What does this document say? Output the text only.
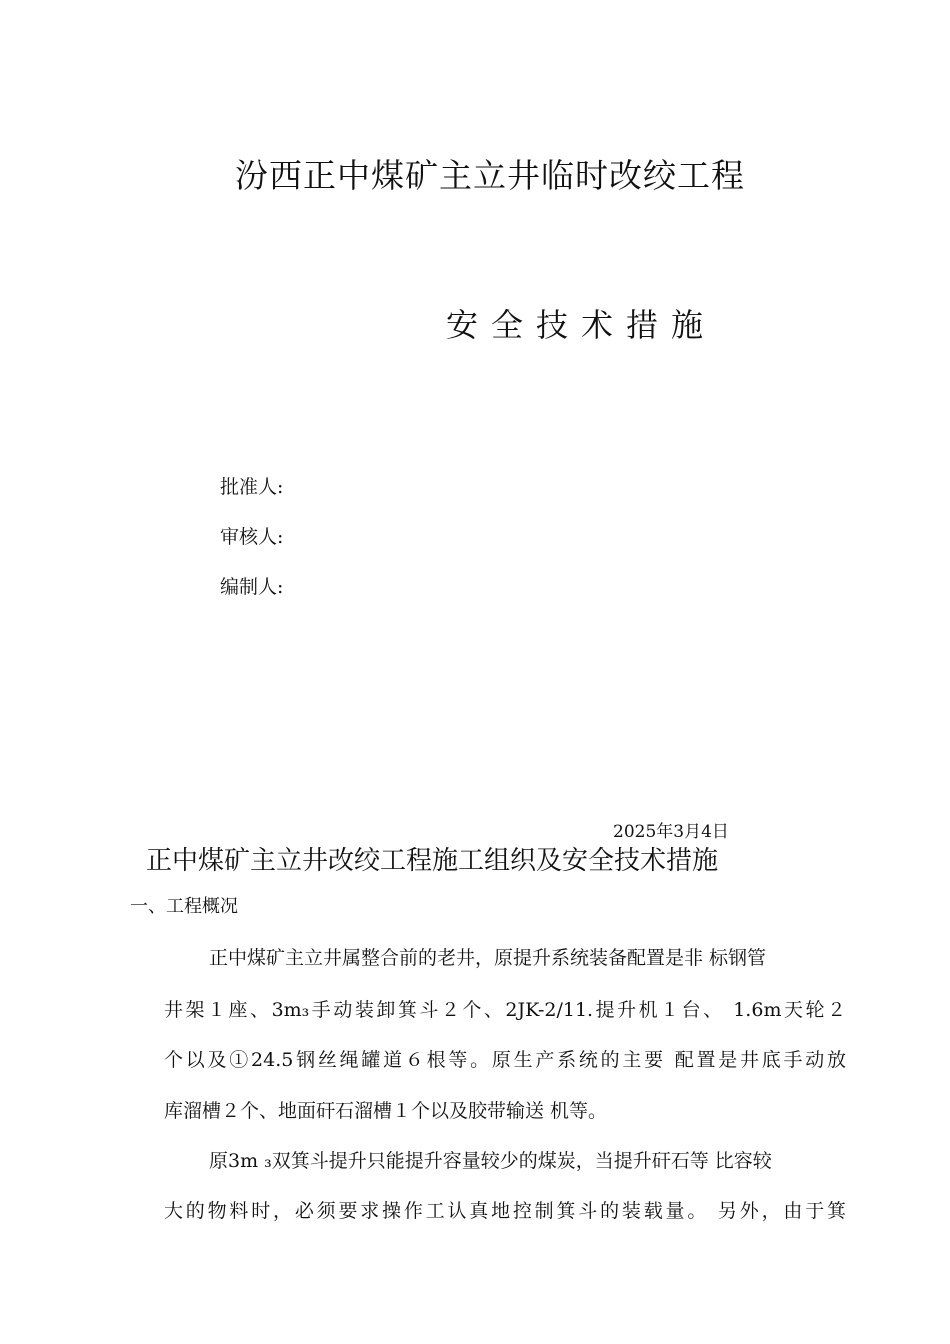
汾西正中煤矿主立井临时改绞工程
安全技术措施
批准人:
审核人:
编制人:
2025年3月4日
正中煤矿主立井改绞工程施工组织及安全技术措施
一、工程概况
正中煤矿主立井属整合前的老井，原提升系统装备配置是非 标钢管
井架１座、3m₃手动装卸箕斗２个、2JK-2/11.提升机１台、 1.6m天轮２
个以及①24.5钢丝绳罐道６根等。原生产系统的主要 配置是井底手动放
库溜槽２个、地面矸石溜槽１个以及胶带输送 机等。
原3m ₃双箕斗提升只能提升容量较少的煤炭，当提升矸石等 比容较
大的物料时，必须要求操作工认真地控制箕斗的装载量。 另外，由于箕
